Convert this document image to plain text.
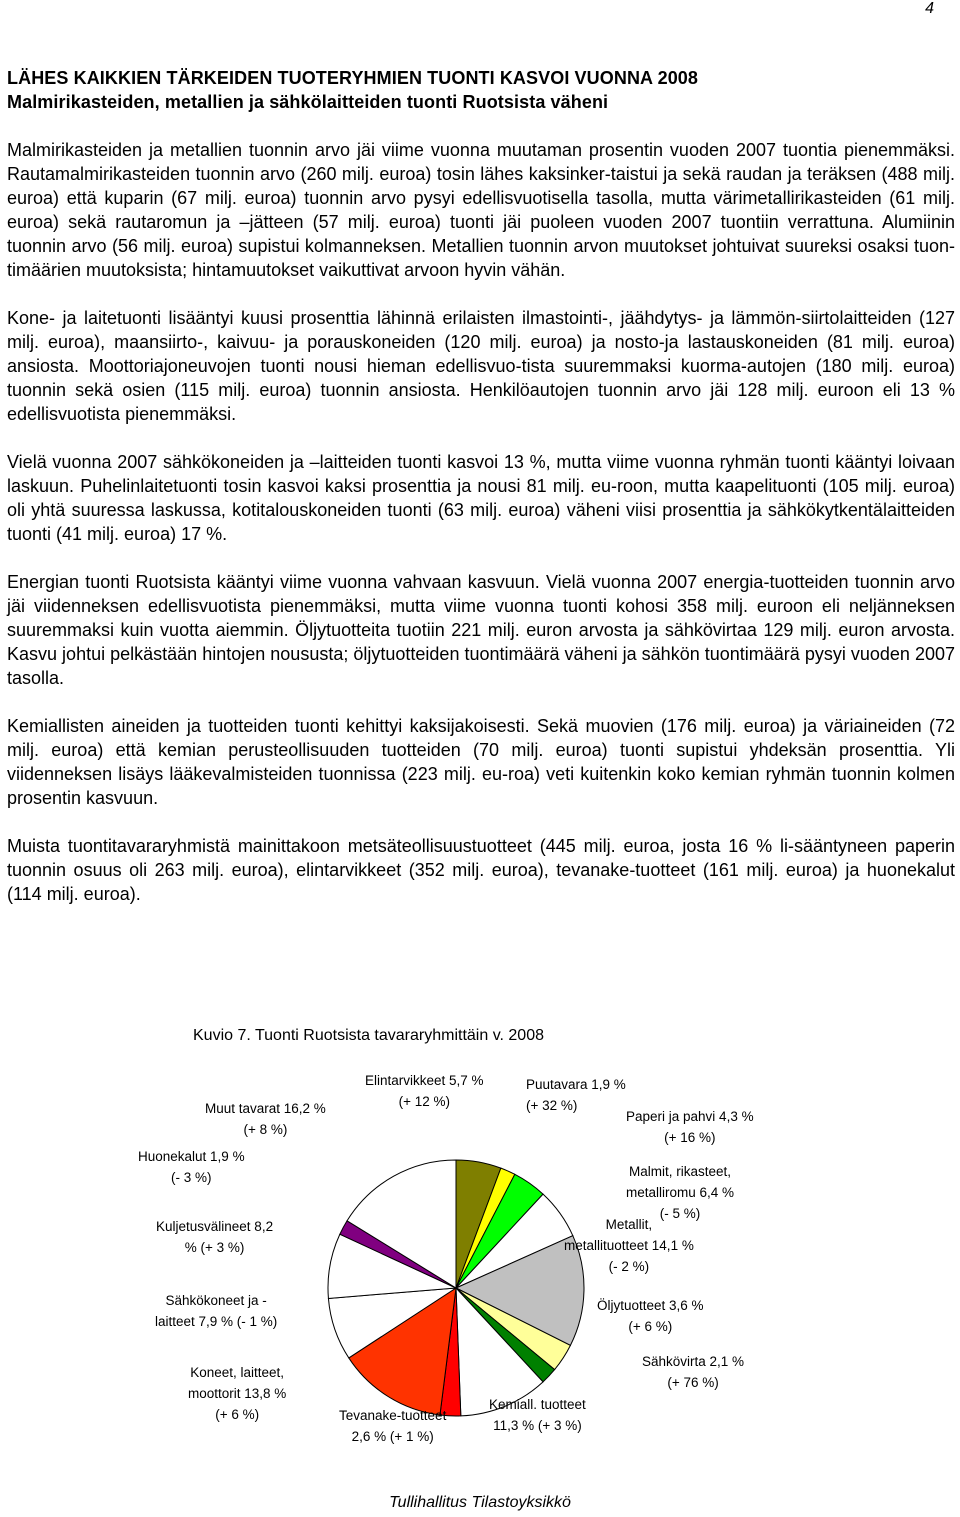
4
LÄHES KAIKKIEN TÄRKEIDEN TUOTERYHMIEN TUONTI KASVOI VUONNA 2008
Malmirikasteiden, metallien ja sähkölaitteiden tuonti Ruotsista väheni

Malmirikasteiden ja metallien tuonnin arvo jäi viime vuonna muutaman prosentin vuoden 2007 tuontia pienemmäksi. Rautamalmirikasteiden tuonnin arvo (260 milj. euroa) tosin lähes kaksinker-taistui ja sekä raudan ja teräksen (488 milj. euroa) että kuparin (67 milj. euroa) tuonnin arvo pysyi edellisvuotisella tasolla, mutta värimetallirikasteiden (61 milj. euroa) sekä rautaromun ja –jätteen (57 milj. euroa) tuonti jäi puoleen vuoden 2007 tuontiin verrattuna. Alumiinin tuonnin arvo (56 milj. euroa) supistui kolmanneksen. Metallien tuonnin arvon muutokset johtuivat suureksi osaksi tuon-timäärien muutoksista; hintamuutokset vaikuttivat arvoon hyvin vähän.

Kone- ja laitetuonti lisääntyi kuusi prosenttia lähinnä erilaisten ilmastointi-, jäähdytys- ja lämmön-siirtolaitteiden (127 milj. euroa), maansiirto-, kaivuu- ja porauskoneiden (120 milj. euroa) ja nosto-ja lastauskoneiden (81 milj. euroa) ansiosta. Moottoriajoneuvojen tuonti nousi hieman edellisvuo-tista suuremmaksi kuorma-autojen (180 milj. euroa) tuonnin sekä osien (115 milj. euroa) tuonnin ansiosta. Henkilöautojen tuonnin arvo jäi 128 milj. euroon eli 13 % edellisvuotista pienemmäksi.

Vielä vuonna 2007 sähkökoneiden ja –laitteiden tuonti kasvoi 13 %, mutta viime vuonna ryhmän tuonti kääntyi loivaan laskuun. Puhelinlaitetuonti tosin kasvoi kaksi prosenttia ja nousi 81 milj. eu-roon, mutta kaapelituonti (105 milj. euroa) oli yhtä suuressa laskussa, kotitalouskoneiden tuonti (63 milj. euroa) väheni viisi prosenttia ja sähkökytkentälaitteiden tuonti (41 milj. euroa) 17 %.

Energian tuonti Ruotsista kääntyi viime vuonna vahvaan kasvuun. Vielä vuonna 2007 energia-tuotteiden tuonnin arvo jäi viidenneksen edellisvuotista pienemmäksi, mutta viime vuonna tuonti kohosi 358 milj. euroon eli neljänneksen suuremmaksi kuin vuotta aiemmin. Öljytuotteita tuotiin 221 milj. euron arvosta ja sähkövirtaa 129 milj. euron arvosta. Kasvu johtui pelkästään hintojen noususta; öljytuotteiden tuontimäärä väheni ja sähkön tuontimäärä pysyi vuoden 2007 tasolla.

Kemiallisten aineiden ja tuotteiden tuonti kehittyi kaksijakoisesti. Sekä muovien (176 milj. euroa) ja väriaineiden (72 milj. euroa) että kemian perusteollisuuden tuotteiden (70 milj. euroa) tuonti supistui yhdeksän prosenttia. Yli viidenneksen lisäys lääkevalmisteiden tuonnissa (223 milj. eu-roa) veti kuitenkin koko kemian ryhmän tuonnin kolmen prosentin kasvuun.

Muista tuontitavararyhmistä mainittakoon metsäteollisuustuotteet (445 milj. euroa, josta 16 % li-sääntyneen paperin tuonnin osuus oli 263 milj. euroa), elintarvikkeet (352 milj. euroa), tevanake-tuotteet (161 milj. euroa) ja huonekalut (114 milj. euroa).

Kuvio 7. Tuonti Ruotsista tavararyhmittäin v. 2008
Elintarvikkeet 5,7 %
(+ 12 %)
Puutavara 1,9 %
(+ 32 %)
Paperi ja pahvi 4,3 %
(+ 16 %)
Malmit, rikasteet,
metalliromu 6,4 %
(- 5 %)
Metallit,
metallituotteet 14,1 %
(- 2 %)
Öljytuotteet 3,6 %
(+ 6 %)
Sähkövirta 2,1 %
(+ 76 %)
Kemiall. tuotteet
11,3 % (+ 3 %)
Tevanake-tuotteet
2,6 % (+ 1 %)
Koneet, laitteet,
moottorit 13,8 %
(+ 6 %)
Sähkökoneet ja -
laitteet 7,9 % (- 1 %)
Kuljetusvälineet 8,2
% (+ 3 %)
Huonekalut 1,9 %
(- 3 %)
Muut tavarat 16,2 %
(+ 8 %)
Tullihallitus Tilastoyksikkö
